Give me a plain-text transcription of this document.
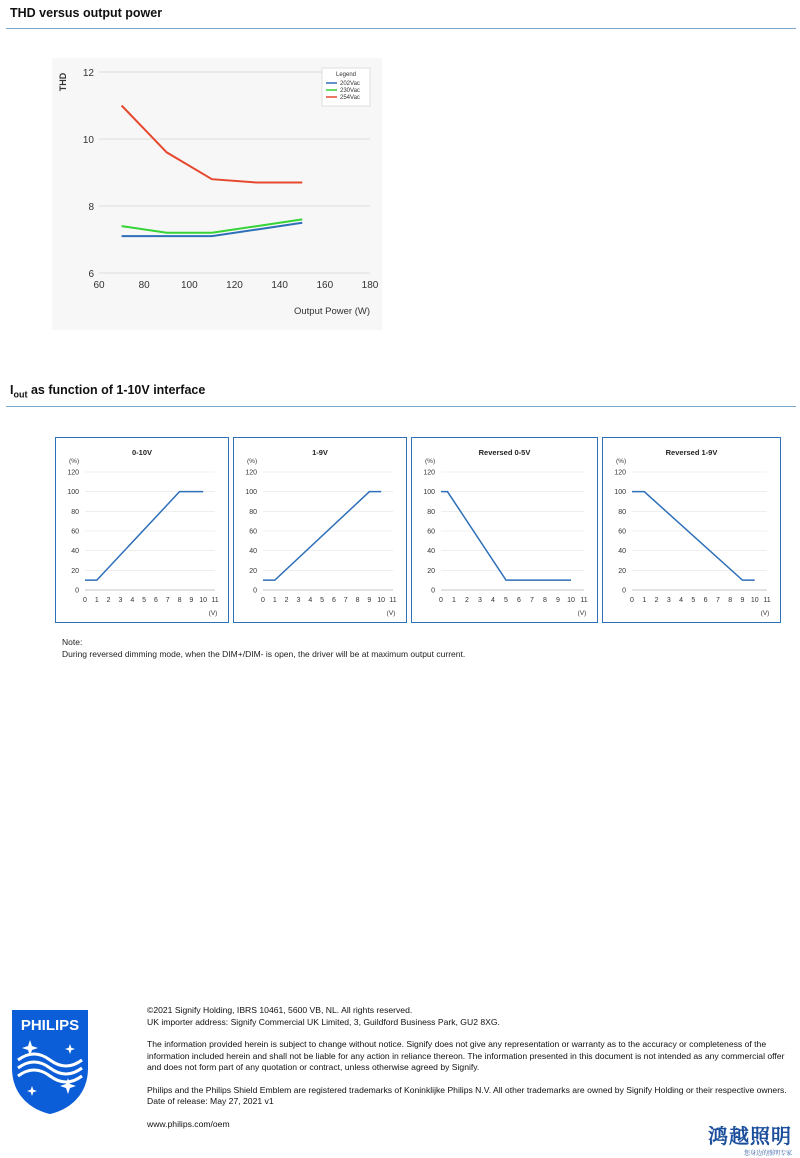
THD versus output power
6
8
10
12
60	80	100	120	140	160	180
THD
Output Power (W)
Legend
202Vac
230Vac
254Vac
$I_{out}$ as function of 1-10V interface
0-10V
(%)
0
20
40
60
80
100
120
0 1 2 3 4 5 6 7 8 9 10 11
(V)
1-9V
(%)
0
20
40
60
80
100
120
0 1 2 3 4 5 6 7 8 9 10 11
(V)
Reversed 0-5V
(%)
0
20
40
60
80
100
120
0 1 2 3 4 5 6 7 8 9 10 11
(V)
Reversed 1-9V
(%)
0
20
40
60
80
100
120
0 1 2 3 4 5 6 7 8 9 10 11
(V)
Note:
During reversed dimming mode, when the DIM+/DIM- is open, the driver will be at maximum output current.
PHILIPS

©2021 Signify Holding, IBRS 10461, 5600 VB, NL. All rights reserved.

UK importer address: Signify Commercial UK Limited, 3, Guildford Business Park, GU2 8XG.

The information provided herein is subject to change without notice. Signify does not give any representation or warranty as to the accuracy or completeness of the information included herein and shall not be liable for any action in reliance thereon. The information presented in this document is not intended as any commercial offer and does not form part of any quotation or contract, unless otherwise agreed by Signify.

Philips and the Philips Shield Emblem are registered trademarks of Koninklijke Philips N.V. All other trademarks are owned by Signify Holding or their respective owners.

Date of release: May 27, 2021 v1

www.philips.com/oem

鸿越照明
您身边的照明专家
